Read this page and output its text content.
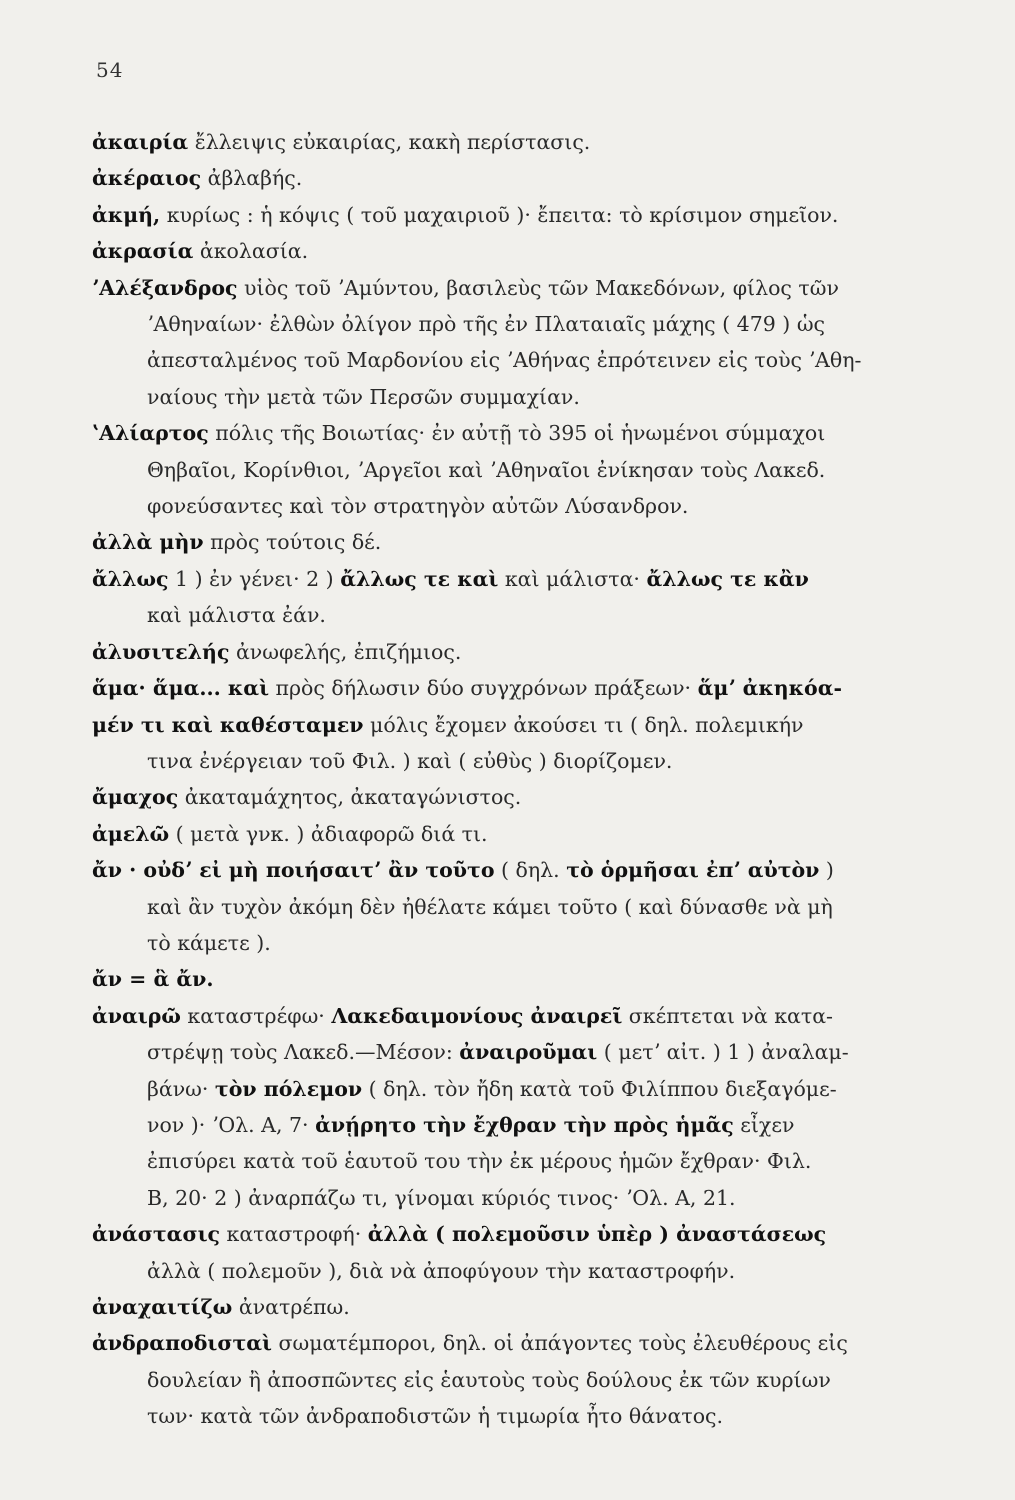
54

ἀκαιρία ἔλλειψις εὐκαιρίας, κακὴ περίστασις.

ἀκέραιος ἀβλαβής.

ἀκμή, κυρίως : ἡ κόψις ( τοῦ μαχαιριοῦ )· ἔπειτα: τὸ κρίσιμον σημεῖον.

ἀκρασία ἀκολασία.

ʼΑλέξανδρος υἱὸς τοῦ ʼΑμύντου, βασιλεὺς τῶν Μακεδόνων, φίλος τῶν

ʼΑθηναίων· ἐλθὼν ὀλίγον πρὸ τῆς ἐν Πλαταιαῖς μάχης ( 479 ) ὡς

ἀπεσταλμένος τοῦ Μαρδονίου εἰς ʼΑθήνας ἐπρότεινεν εἰς τοὺς ʼΑθη-

ναίους τὴν μετὰ τῶν Περσῶν συμμαχίαν.

ʽΑλίαρτος πόλις τῆς Βοιωτίας· ἐν αὐτῇ τὸ 395 οἱ ἡνωμένοι σύμμαχοι

Θηβαῖοι, Κορίνθιοι, ʼΑργεῖοι καὶ ʼΑθηναῖοι ἐνίκησαν τοὺς Λακεδ.

φονεύσαντες καὶ τὸν στρατηγὸν αὐτῶν Λύσανδρον.

ἀλλὰ μὴν πρὸς τούτοις δέ.

ἄλλως 1 ) ἐν γένει· 2 ) ἄλλως τε καὶ καὶ μάλιστα· ἄλλως τε κἂν

καὶ μάλιστα ἐάν.

ἀλυσιτελής ἀνωφελής, ἐπιζήμιος.

ἅμα· ἅμα... καὶ πρὸς δήλωσιν δύο συγχρόνων πράξεων· ἅμʼ ἀκηκόα-

μέν τι καὶ καθέσταμεν μόλις ἔχομεν ἀκούσει τι ( δηλ. πολεμικήν

τινα ἐνέργειαν τοῦ Φιλ. ) καὶ ( εὐθὺς ) διορίζομεν.

ἄμαχος ἀκαταμάχητος, ἀκαταγώνιστος.

ἀμελῶ ( μετὰ γνκ. ) ἀδιαφορῶ διά τι.

ἄν · οὐδʼ εἰ μὴ ποιήσαιτʼ ἂν τοῦτο ( δηλ. τὸ ὁρμῆσαι ἐπʼ αὐτὸν )

καὶ ἂν τυχὸν ἀκόμη δὲν ἠθέλατε κάμει τοῦτο ( καὶ δύνασθε νὰ μὴ

τὸ κάμετε ).

ἄν = ἃ ἄν.

ἀναιρῶ καταστρέφω· Λακεδαιμονίους ἀναιρεῖ σκέπτεται νὰ κατα-

στρέψῃ τοὺς Λακεδ.—Μέσον: ἀναιροῦμαι ( μετʼ αἰτ. ) 1 ) ἀναλαμ-

βάνω· τὸν πόλεμον ( δηλ. τὸν ἤδη κατὰ τοῦ Φιλίππου διεξαγόμε-

νον )· ʼΟλ. Α, 7· ἀνῄρητο τὴν ἔχθραν τὴν πρὸς ἡμᾶς εἶχεν

ἐπισύρει κατὰ τοῦ ἑαυτοῦ του τὴν ἐκ μέρους ἡμῶν ἔχθραν· Φιλ.

Β, 20· 2 ) ἀναρπάζω τι, γίνομαι κύριός τινος· ʼΟλ. Α, 21.

ἀνάστασις καταστροφή· ἀλλὰ ( πολεμοῦσιν ὑπὲρ ) ἀναστάσεως

ἀλλὰ ( πολεμοῦν ), διὰ νὰ ἀποφύγουν τὴν καταστροφήν.

ἀναχαιτίζω ἀνατρέπω.

ἀνδραποδισταὶ σωματέμποροι, δηλ. οἱ ἀπάγοντες τοὺς ἐλευθέρους εἰς

δουλείαν ἢ ἀποσπῶντες εἰς ἑαυτοὺς τοὺς δούλους ἐκ τῶν κυρίων

των· κατὰ τῶν ἀνδραποδιστῶν ἡ τιμωρία ἦτο θάνατος.
